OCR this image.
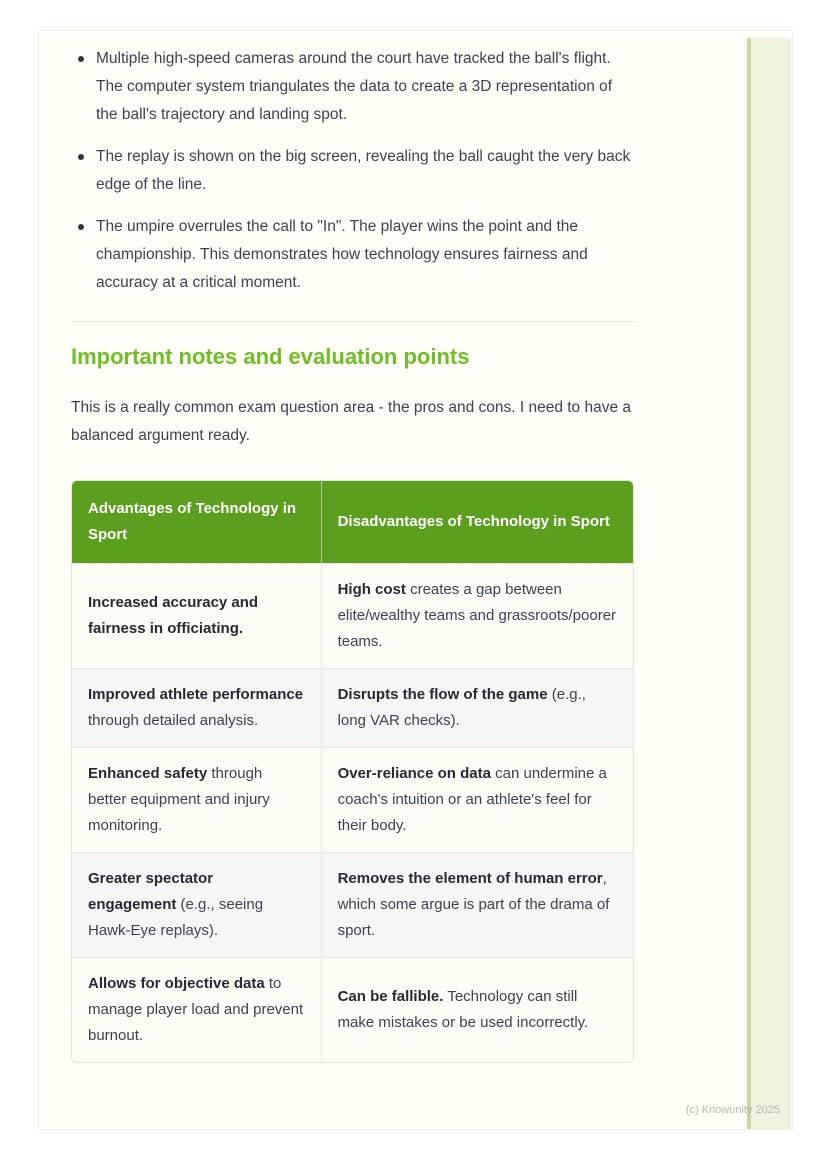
Multiple high-speed cameras around the court have tracked the ball's flight. The computer system triangulates the data to create a 3D representation of the ball's trajectory and landing spot.
The replay is shown on the big screen, revealing the ball caught the very back edge of the line.
The umpire overrules the call to "In". The player wins the point and the championship. This demonstrates how technology ensures fairness and accuracy at a critical moment.
Important notes and evaluation points

This is a really common exam question area - the pros and cons. I need to have a balanced argument ready.

Advantages of Technology in Sport	Disadvantages of Technology in Sport
Increased accuracy and fairness in officiating.	High cost creates a gap between elite/wealthy teams and grassroots/poorer teams.
Improved athlete performance through detailed analysis.	Disrupts the flow of the game (e.g., long VAR checks).
Enhanced safety through better equipment and injury monitoring.	Over-reliance on data can undermine a coach's intuition or an athlete's feel for their body.
Greater spectator engagement (e.g., seeing Hawk-Eye replays).	Removes the element of human error, which some argue is part of the drama of sport.
Allows for objective data to manage player load and prevent burnout.	Can be fallible. Technology can still make mistakes or be used incorrectly.
(c) Knowunity 2025
